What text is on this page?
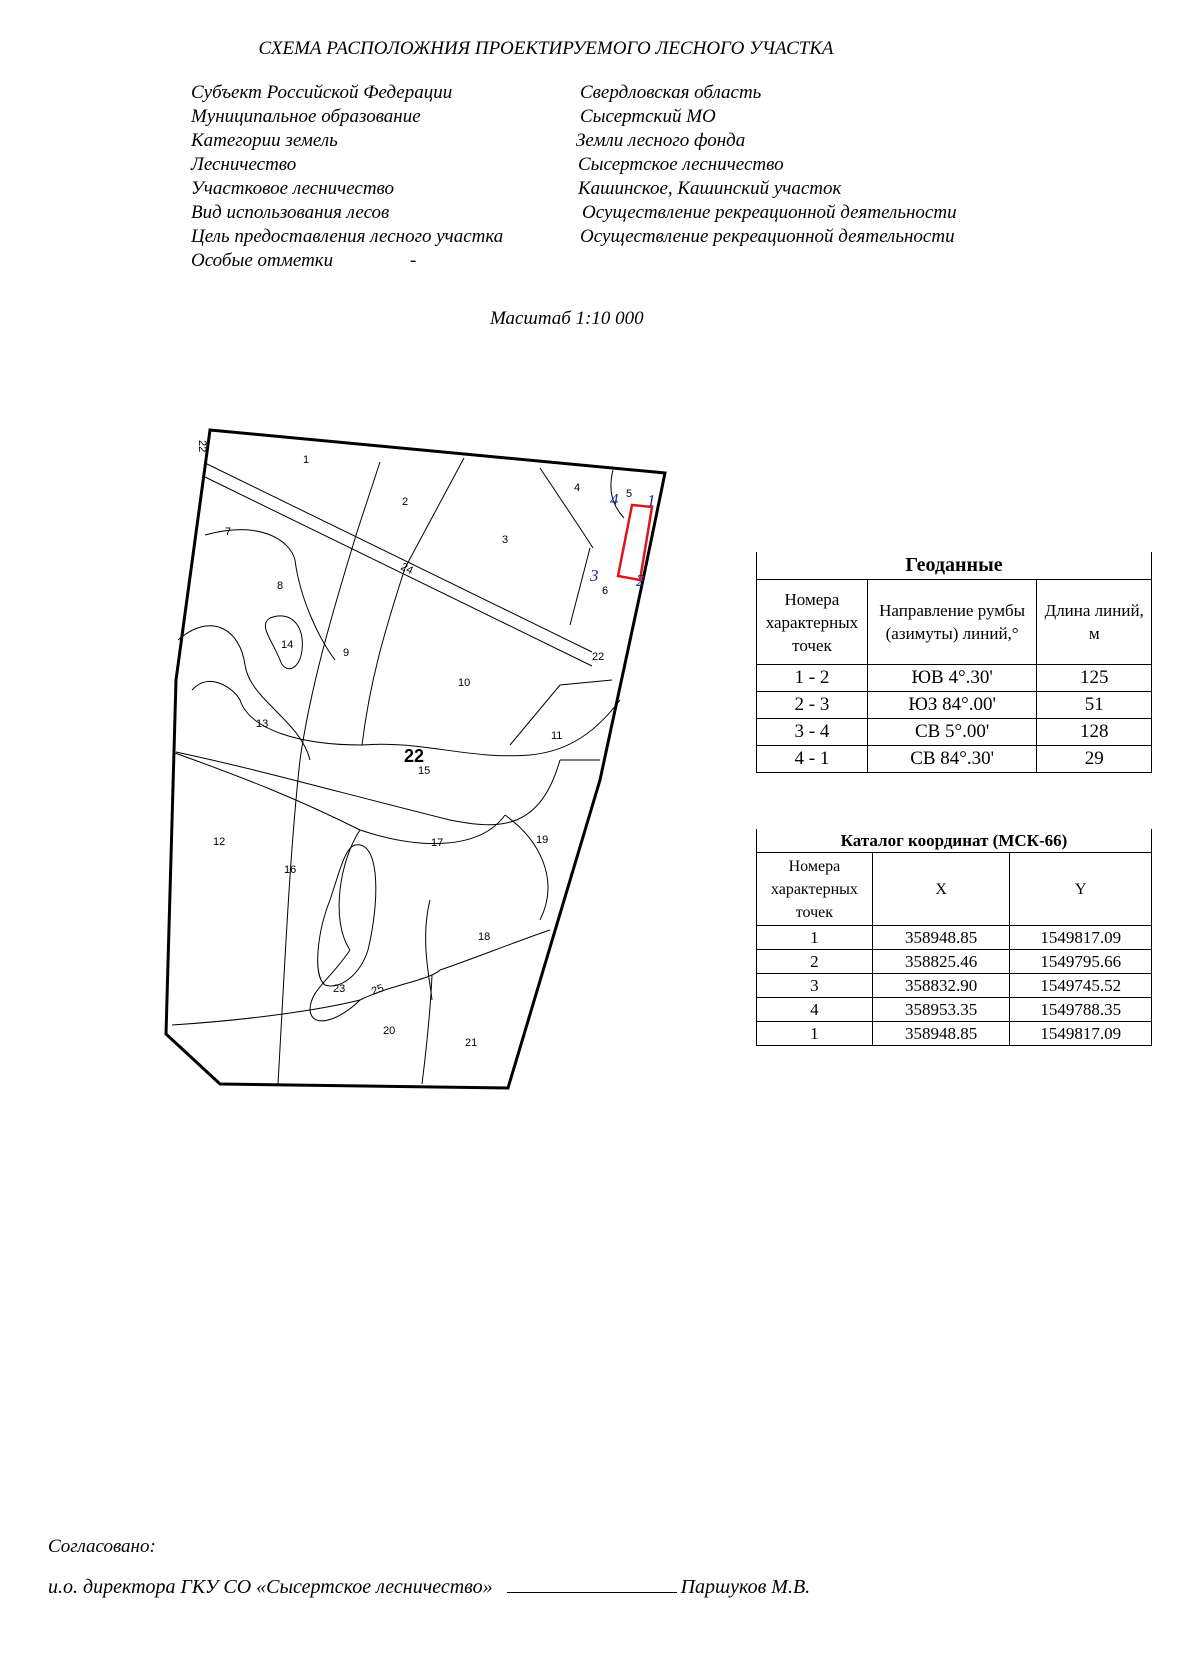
СХЕМА РАСПОЛОЖНИЯ ПРОЕКТИРУЕМОГО ЛЕСНОГО УЧАСТКА
Субъект Российской Федерации	Свердловская область
Муниципальное образование	Сысертский МО
Категории земель	Земли лесного фонда
Лесничество	Сысертское лесничество
Участковое лесничество	Кашинское, Кашинский участок
Вид использования лесов	Осуществление рекреационной деятельности
Цель предоставления лесного участка	Осуществление рекреационной деятельности
Особые отметки	-
Масштаб 1:10 000
1
2
3
4	5
6
7
8
9
10
11
12
13
14
15
16
17
18
19
20
21
22
23
24
25
22
22
1
2
3
4
Геоданные		
Номера характерных точек	Направление румбы (азимуты) линий,°	Длина линий, м
1 - 2	ЮВ 4°.30'	125
2 - 3	ЮЗ 84°.00'	51
3 - 4	СВ 5°.00'	128
4 - 1	СВ 84°.30'	29
Каталог координат (МСК-66)		
Номера характерных точек	X	Y
1	358948.85	1549817.09
2	358825.46	1549795.66
3	358832.90	1549745.52
4	358953.35	1549788.35
1	358948.85	1549817.09
Согласовано:
и.о. директора ГКУ СО «Сысертское лесничество»	Паршуков М.В.
